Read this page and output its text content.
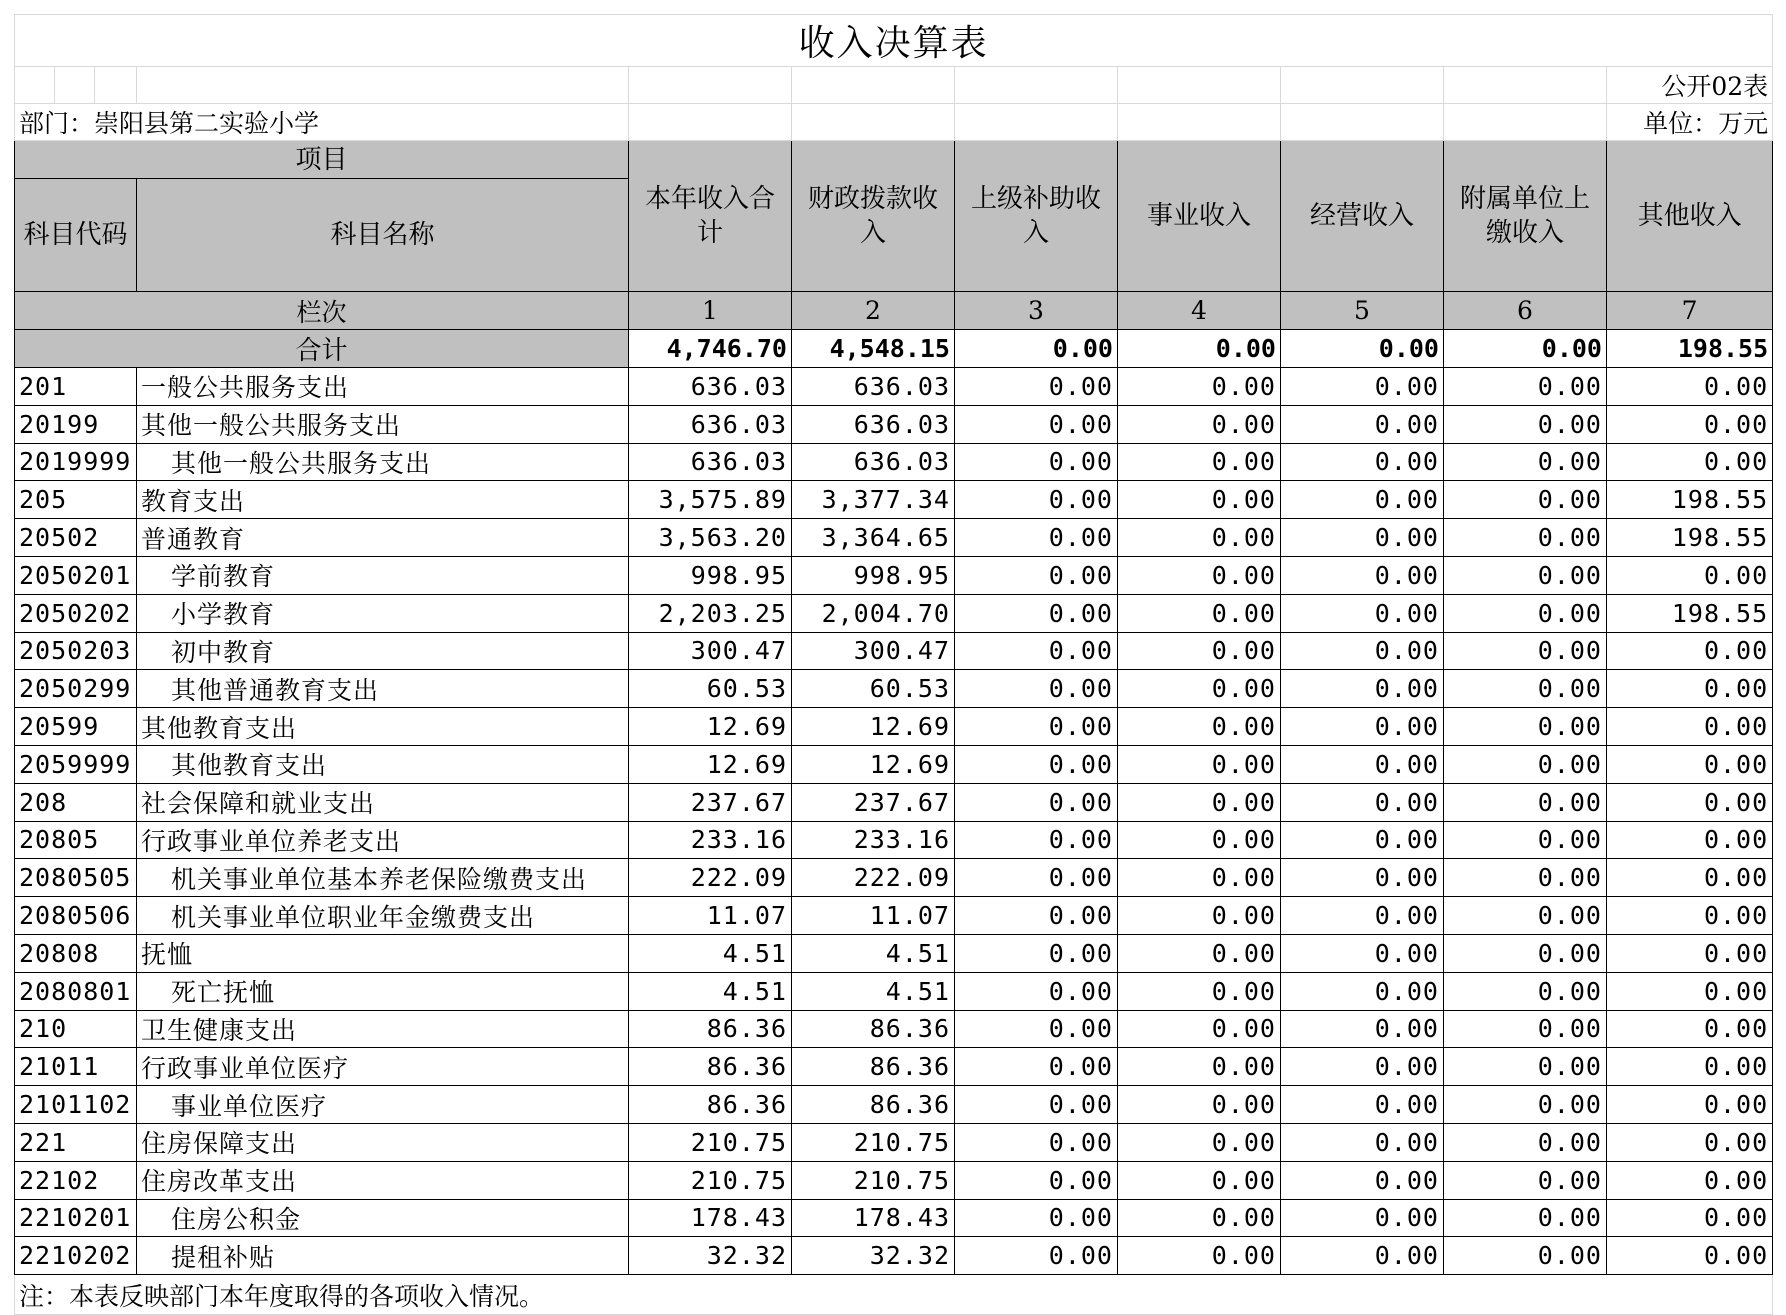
收入决算表										
										公开02表
部门：崇阳县第二实验小学										单位：万元
项目				本年收入合计	财政拨款收入	上级补助收入	事业收入	经营收入	附属单位上缴收入	其他收入
科目代码			科目名称							
栏次				1	2	3	4	5	6	7
合计				4,746.70	4,548.15	0.00	0.00	0.00	0.00	198.55
201			一般公共服务支出	636.03	636.03	0.00	0.00	0.00	0.00	0.00
20199			其他一般公共服务支出	636.03	636.03	0.00	0.00	0.00	0.00	0.00
2019999			其他一般公共服务支出	636.03	636.03	0.00	0.00	0.00	0.00	0.00
205			教育支出	3,575.89	3,377.34	0.00	0.00	0.00	0.00	198.55
20502			普通教育	3,563.20	3,364.65	0.00	0.00	0.00	0.00	198.55
2050201			学前教育	998.95	998.95	0.00	0.00	0.00	0.00	0.00
2050202			小学教育	2,203.25	2,004.70	0.00	0.00	0.00	0.00	198.55
2050203			初中教育	300.47	300.47	0.00	0.00	0.00	0.00	0.00
2050299			其他普通教育支出	60.53	60.53	0.00	0.00	0.00	0.00	0.00
20599			其他教育支出	12.69	12.69	0.00	0.00	0.00	0.00	0.00
2059999			其他教育支出	12.69	12.69	0.00	0.00	0.00	0.00	0.00
208			社会保障和就业支出	237.67	237.67	0.00	0.00	0.00	0.00	0.00
20805			行政事业单位养老支出	233.16	233.16	0.00	0.00	0.00	0.00	0.00
2080505			机关事业单位基本养老保险缴费支出	222.09	222.09	0.00	0.00	0.00	0.00	0.00
2080506			机关事业单位职业年金缴费支出	11.07	11.07	0.00	0.00	0.00	0.00	0.00
20808			抚恤	4.51	4.51	0.00	0.00	0.00	0.00	0.00
2080801			死亡抚恤	4.51	4.51	0.00	0.00	0.00	0.00	0.00
210			卫生健康支出	86.36	86.36	0.00	0.00	0.00	0.00	0.00
21011			行政事业单位医疗	86.36	86.36	0.00	0.00	0.00	0.00	0.00
2101102			事业单位医疗	86.36	86.36	0.00	0.00	0.00	0.00	0.00
221			住房保障支出	210.75	210.75	0.00	0.00	0.00	0.00	0.00
22102			住房改革支出	210.75	210.75	0.00	0.00	0.00	0.00	0.00
2210201			住房公积金	178.43	178.43	0.00	0.00	0.00	0.00	0.00
2210202			提租补贴	32.32	32.32	0.00	0.00	0.00	0.00	0.00
注：本表反映部门本年度取得的各项收入情况。										
